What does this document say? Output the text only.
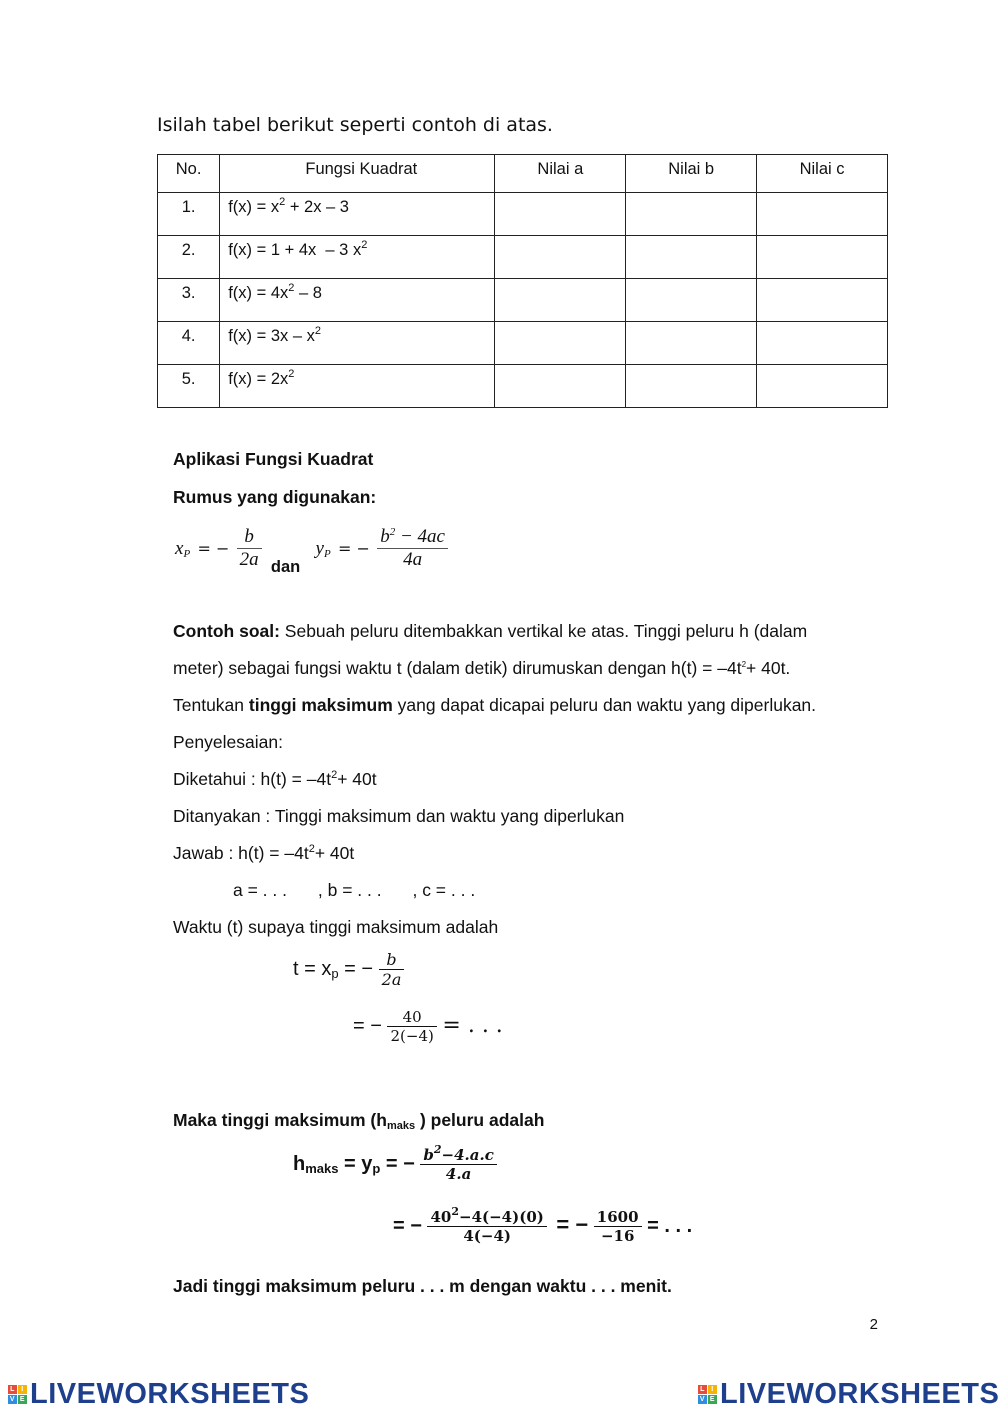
Isilah tabel berikut seperti contoh di atas.
No.	Fungsi Kuadrat	Nilai a	Nilai b	Nilai c
1.	$f(x) = x^2 + 2x - 3$			
2.	f(x) = 1 + 4x  – 3 $x^2$			
3.	$f(x) = 4x^2 - 8$			
4.	$f(x) = 3x - x^2$			
5.	$f(x) = 2x^2$			
Aplikasi Fungsi Kuadrat
Rumus yang digunakan:
$x_P$ = − $\frac{b}{2a}$ dan $y_P$ = − $\frac{b^2 - 4ac}{4a}$
Contoh soal: Sebuah peluru ditembakkan vertikal ke atas. Tinggi peluru h (dalam
meter) sebagai fungsi waktu t (dalam detik) dirumuskan dengan $h(t) = -4t^2+ 40t$.
Tentukan tinggi maksimum yang dapat dicapai peluru dan waktu yang diperlukan.
Penyelesaian:
Diketahui : $h(t) = -4t^2+ 40t$
Ditanyakan : Tinggi maksimum dan waktu yang diperlukan
Jawab : $h(t) = -4t^2+ 40t$
a = . . . , b = . . . , c = . . .
Waktu (t) supaya tinggi maksimum adalah
$t = x_p$ = − $\frac{b}{2a}$
= − $\frac{40}{2(-4)}$ = . . .
Maka tinggi maksimum ($h_{maks}$ ) peluru adalah
$h_{maks} = y_p$ = − $\frac{b^2-4.a.c}{4.a}$
= − $\frac{40^2-4(-4)(0)}{4(-4)}$ = − $\frac{1600}{-16}$ = . . .
Jadi tinggi maksimum peluru . . . m dengan waktu . . . menit.
2
L I
V E LIVEWORKSHEETS	L I
V E LIVEWORKSHEETS
